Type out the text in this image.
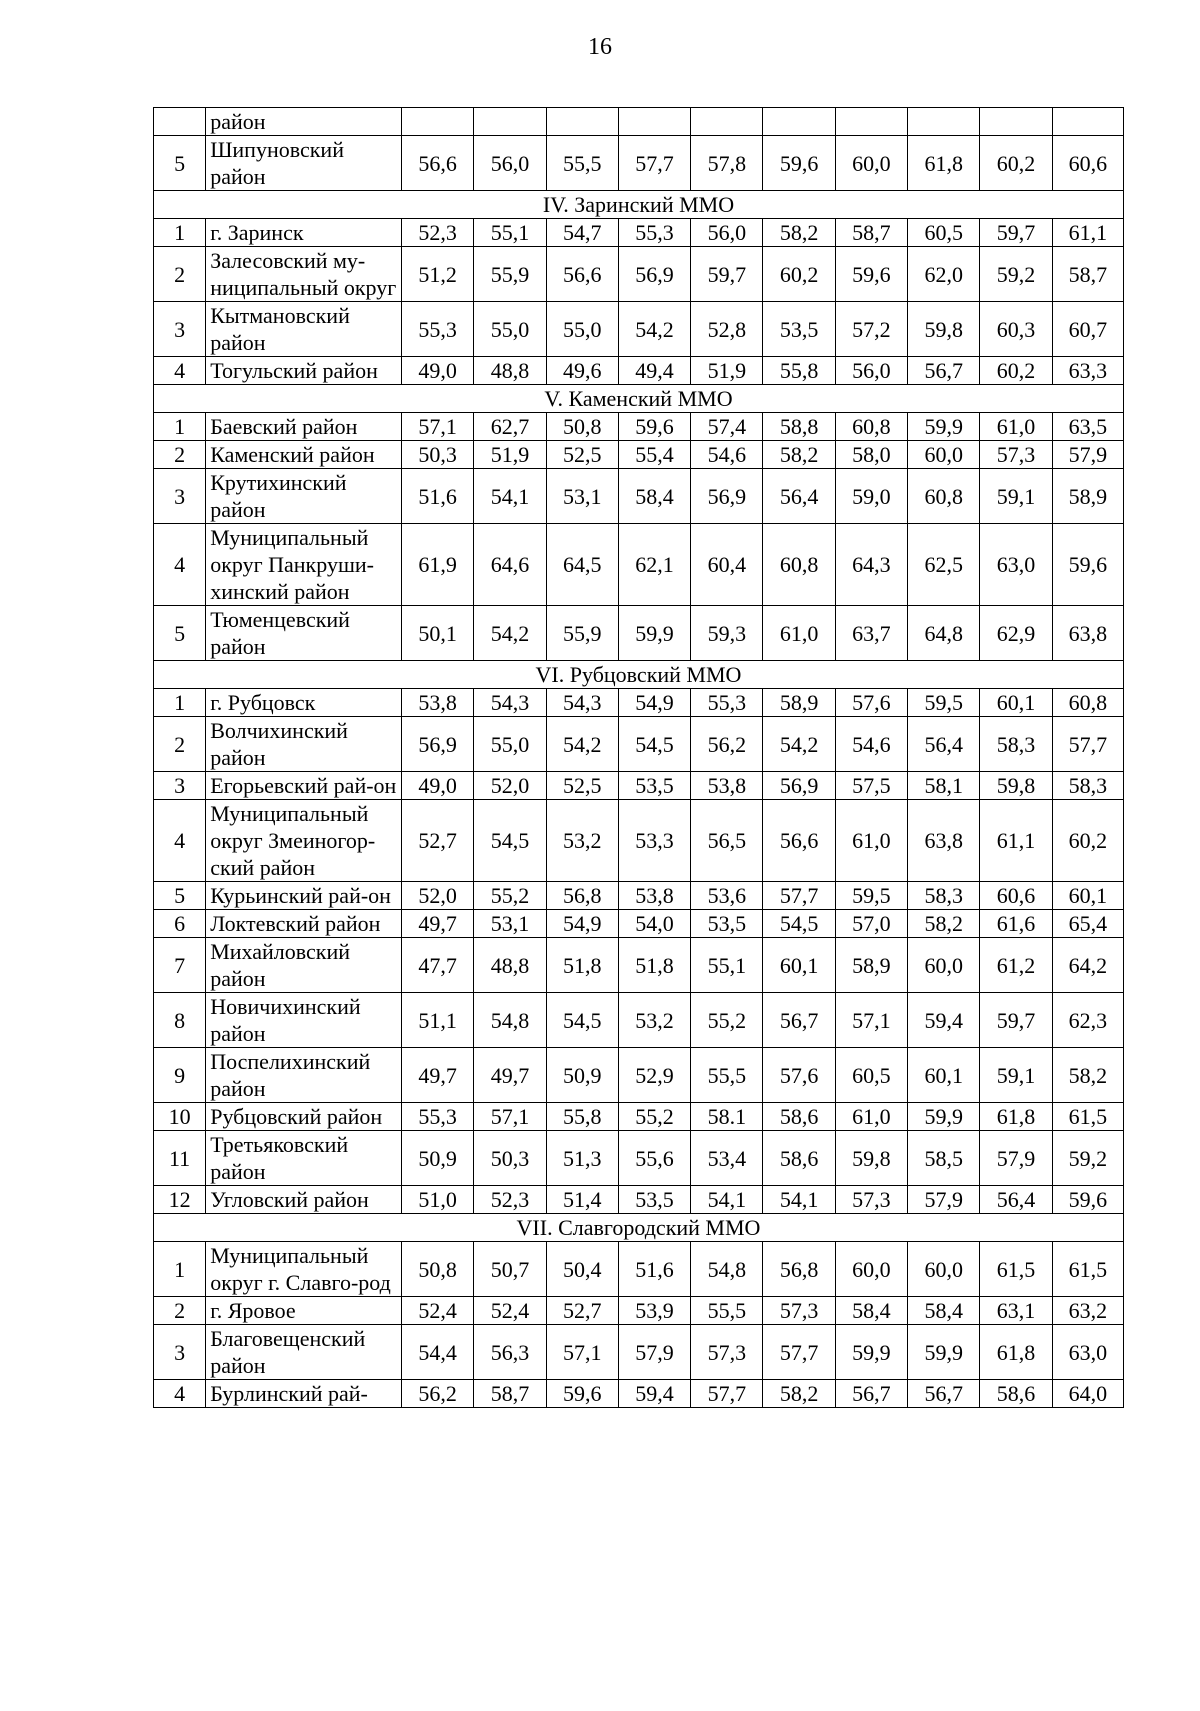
16
	район										
5	Шипуновский район	56,6	56,0	55,5	57,7	57,8	59,6	60,0	61,8	60,2	60,6
IV. Заринский ММО											
1	г. Заринск	52,3	55,1	54,7	55,3	56,0	58,2	58,7	60,5	59,7	61,1
2	Залесовский му-ниципальный округ	51,2	55,9	56,6	56,9	59,7	60,2	59,6	62,0	59,2	58,7
3	Кытмановский район	55,3	55,0	55,0	54,2	52,8	53,5	57,2	59,8	60,3	60,7
4	Тогульский район	49,0	48,8	49,6	49,4	51,9	55,8	56,0	56,7	60,2	63,3
V. Каменский ММО											
1	Баевский район	57,1	62,7	50,8	59,6	57,4	58,8	60,8	59,9	61,0	63,5
2	Каменский район	50,3	51,9	52,5	55,4	54,6	58,2	58,0	60,0	57,3	57,9
3	Крутихинский район	51,6	54,1	53,1	58,4	56,9	56,4	59,0	60,8	59,1	58,9
4	Муниципальный округ Панкруши-хинский район	61,9	64,6	64,5	62,1	60,4	60,8	64,3	62,5	63,0	59,6
5	Тюменцевский район	50,1	54,2	55,9	59,9	59,3	61,0	63,7	64,8	62,9	63,8
VI. Рубцовский ММО											
1	г. Рубцовск	53,8	54,3	54,3	54,9	55,3	58,9	57,6	59,5	60,1	60,8
2	Волчихинский район	56,9	55,0	54,2	54,5	56,2	54,2	54,6	56,4	58,3	57,7
3	Егорьевский рай-он	49,0	52,0	52,5	53,5	53,8	56,9	57,5	58,1	59,8	58,3
4	Муниципальный округ Змеиногор-ский район	52,7	54,5	53,2	53,3	56,5	56,6	61,0	63,8	61,1	60,2
5	Курьинский рай-он	52,0	55,2	56,8	53,8	53,6	57,7	59,5	58,3	60,6	60,1
6	Локтевский район	49,7	53,1	54,9	54,0	53,5	54,5	57,0	58,2	61,6	65,4
7	Михайловский район	47,7	48,8	51,8	51,8	55,1	60,1	58,9	60,0	61,2	64,2
8	Новичихинский район	51,1	54,8	54,5	53,2	55,2	56,7	57,1	59,4	59,7	62,3
9	Поспелихинский район	49,7	49,7	50,9	52,9	55,5	57,6	60,5	60,1	59,1	58,2
10	Рубцовский район	55,3	57,1	55,8	55,2	58.1	58,6	61,0	59,9	61,8	61,5
11	Третьяковский район	50,9	50,3	51,3	55,6	53,4	58,6	59,8	58,5	57,9	59,2
12	Угловский район	51,0	52,3	51,4	53,5	54,1	54,1	57,3	57,9	56,4	59,6
VII. Славгородский ММО											
1	Муниципальный округ г. Славго-род	50,8	50,7	50,4	51,6	54,8	56,8	60,0	60,0	61,5	61,5
2	г. Яровое	52,4	52,4	52,7	53,9	55,5	57,3	58,4	58,4	63,1	63,2
3	Благовещенский район	54,4	56,3	57,1	57,9	57,3	57,7	59,9	59,9	61,8	63,0
4	Бурлинский рай-	56,2	58,7	59,6	59,4	57,7	58,2	56,7	56,7	58,6	64,0
